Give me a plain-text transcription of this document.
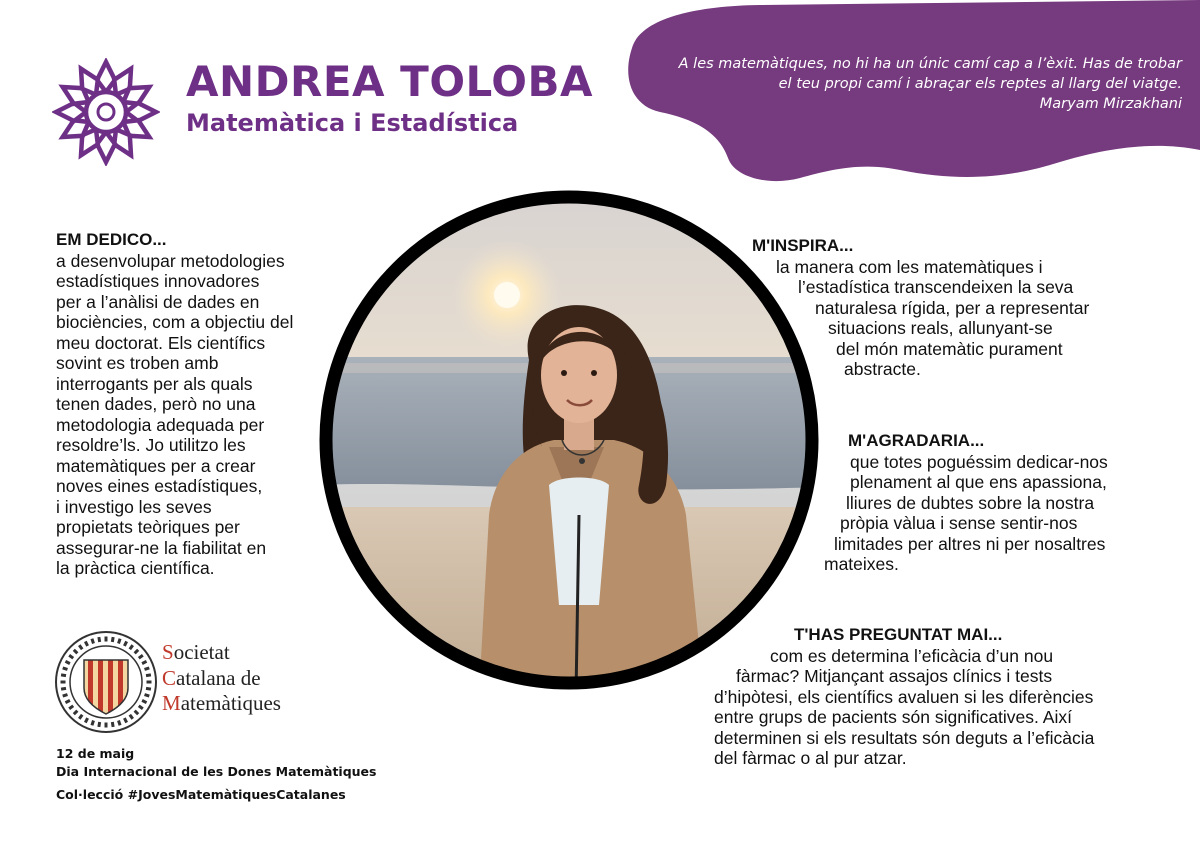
A les matemàtiques, no hi ha un únic camí cap a l’èxit. Has de trobar
el teu propi camí i abraçar els reptes al llarg del viatge.
Maryam Mirzakhani
ANDREA TOLOBA
Matemàtica i Estadística
EM DEDICO...
a desenvolupar metodologies
estadístiques innovadores
per a l’anàlisi de dades en
biociències, com a objectiu del
meu doctorat. Els científics
sovint es troben amb
interrogants per als quals
tenen dades, però no una
metodologia adequada per
resoldre’ls. Jo utilitzo les
matemàtiques per a crear
noves eines estadístiques,
i investigo les seves
propietats teòriques per
assegurar-ne la fiabilitat en
la pràctica científica.
M'INSPIRA...
la manera com les matemàtiques i
l’estadística transcendeixen la seva
naturalesa rígida, per a representar
situacions reals, allunyant-se
del món matemàtic purament
abstracte.
M'AGRADARIA...
que totes poguéssim dedicar-nos
plenament al que ens apassiona,
lliures de dubtes sobre la nostra
pròpia vàlua i sense sentir-nos
limitades per altres ni per nosaltres
mateixes.
T'HAS PREGUNTAT MAI...
com es determina l’eficàcia d’un nou
fàrmac? Mitjançant assajos clínics i tests
d’hipòtesi, els científics avaluen si les diferències
entre grups de pacients són significatives. Així
determinen si els resultats són deguts a l’eficàcia
del fàrmac o al pur atzar.
Societat
Catalana de
Matemàtiques
12 de maig
Dia Internacional de les Dones Matemàtiques
Col·lecció #JovesMatemàtiquesCatalanes
